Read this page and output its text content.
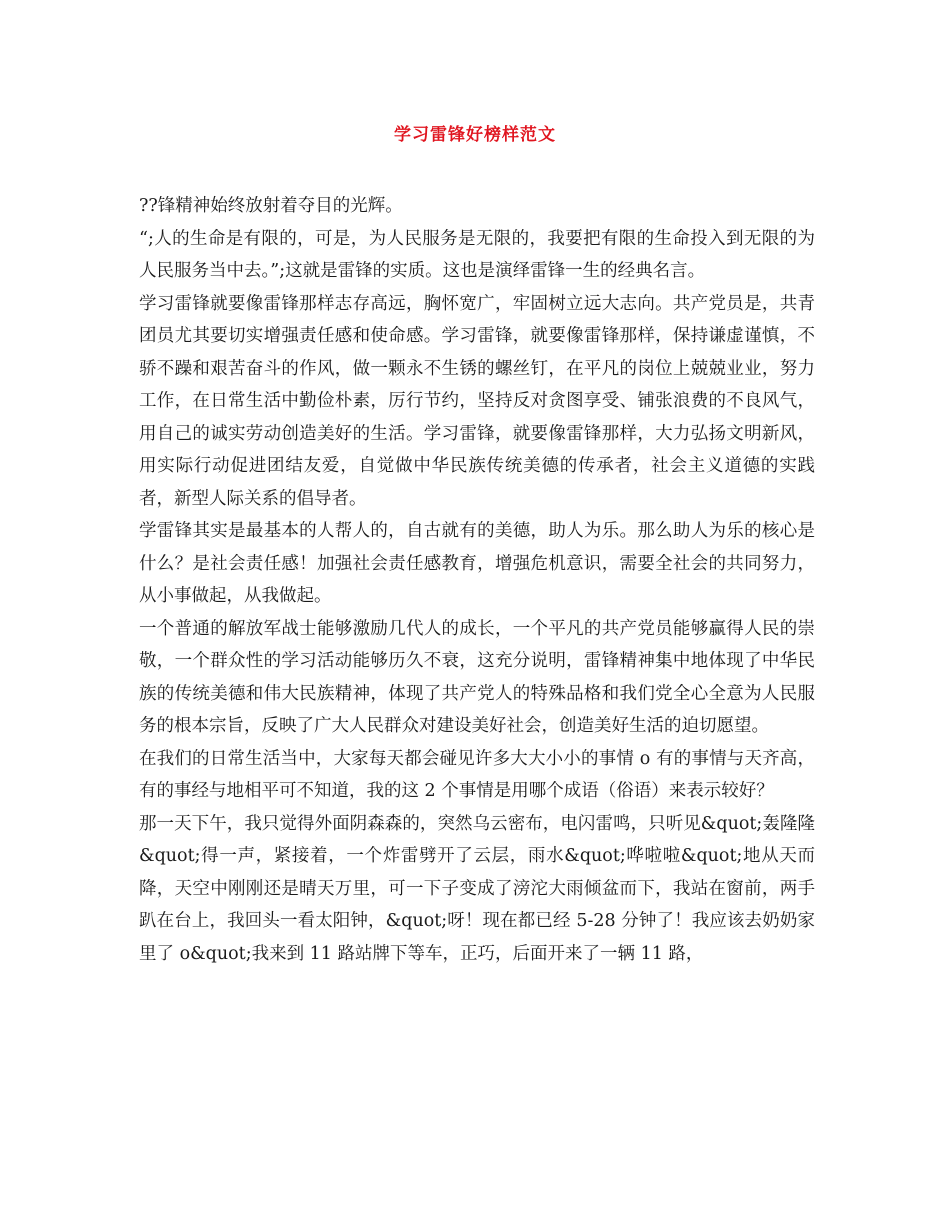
学习雷锋好榜样范文

??锋精神始终放射着夺目的光辉。

“;人的生命是有限的，可是，为人民服务是无限的，我要把有限的生命投入到无限的为人民服务当中去。”;这就是雷锋的实质。这也是演绎雷锋一生的经典名言。

学习雷锋就要像雷锋那样志存高远，胸怀宽广，牢固树立远大志向。共产党员是，共青团员尤其要切实增强责任感和使命感。学习雷锋，就要像雷锋那样，保持谦虚谨慎，不骄不躁和艰苦奋斗的作风，做一颗永不生锈的螺丝钉，在平凡的岗位上兢兢业业，努力工作，在日常生活中勤俭朴素，厉行节约，坚持反对贪图享受、铺张浪费的不良风气，用自己的诚实劳动创造美好的生活。学习雷锋，就要像雷锋那样，大力弘扬文明新风，用实际行动促进团结友爱，自觉做中华民族传统美德的传承者，社会主义道德的实践者，新型人际关系的倡导者。

学雷锋其实是最基本的人帮人的，自古就有的美德，助人为乐。那么助人为乐的核心是什么？是社会责任感！加强社会责任感教育，增强危机意识，需要全社会的共同努力，从小事做起，从我做起。

一个普通的解放军战士能够激励几代人的成长，一个平凡的共产党员能够赢得人民的崇敬，一个群众性的学习活动能够历久不衰，这充分说明，雷锋精神集中地体现了中华民族的传统美德和伟大民族精神，体现了共产党人的特殊品格和我们党全心全意为人民服务的根本宗旨，反映了广大人民群众对建设美好社会，创造美好生活的迫切愿望。

在我们的日常生活当中，大家每天都会碰见许多大大小小的事情 o 有的事情与天齐高，有的事经与地相平可不知道，我的这 2 个事情是用哪个成语（俗语）来表示较好？

那一天下午，我只觉得外面阴森森的，突然乌云密布，电闪雷鸣，只听见&quot;轰隆隆&quot;得一声，紧接着，一个炸雷劈开了云层，雨水&quot;哗啦啦&quot;地从天而降，天空中刚刚还是晴天万里，可一下子变成了滂沱大雨倾盆而下，我站在窗前，两手趴在台上，我回头一看太阳钟，&quot;呀！现在都已经 5-28 分钟了！我应该去奶奶家里了 o&quot;我来到 11 路站牌下等车，正巧，后面开来了一辆 11 路，
